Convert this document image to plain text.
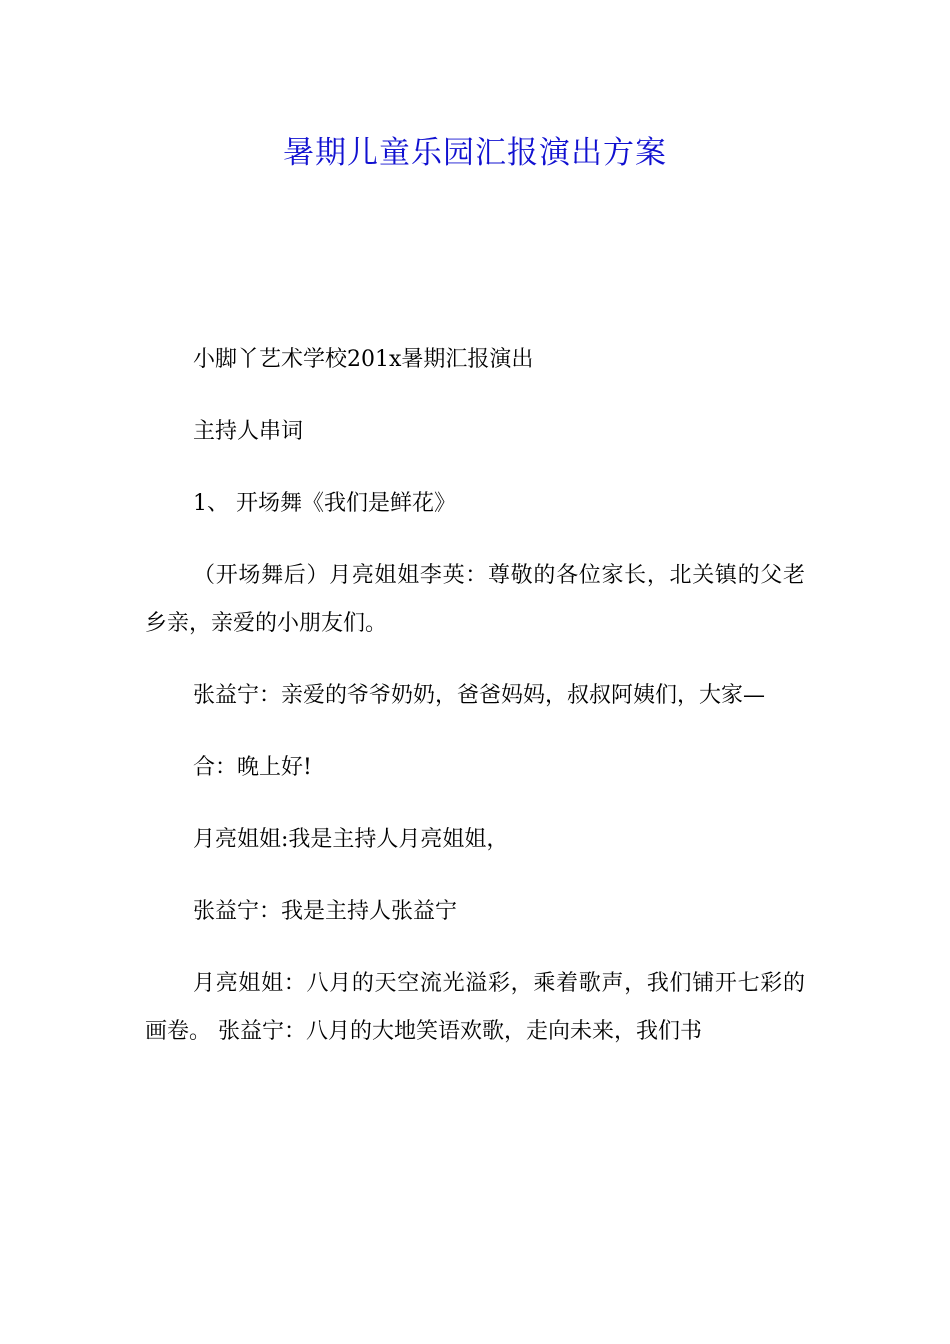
暑期儿童乐园汇报演出方案

小脚丫艺术学校201x暑期汇报演出

主持人串词

1、 开场舞《我们是鲜花》

（开场舞后）月亮姐姐李英：尊敬的各位家长，北关镇的父老乡亲，亲爱的小朋友们。

张益宁：亲爱的爷爷奶奶，爸爸妈妈，叔叔阿姨们，大家—

合：晚上好!

月亮姐姐:我是主持人月亮姐姐，

张益宁：我是主持人张益宁

月亮姐姐：八月的天空流光溢彩，乘着歌声，我们铺开七彩的画卷。 张益宁：八月的大地笑语欢歌，走向未来，我们书
